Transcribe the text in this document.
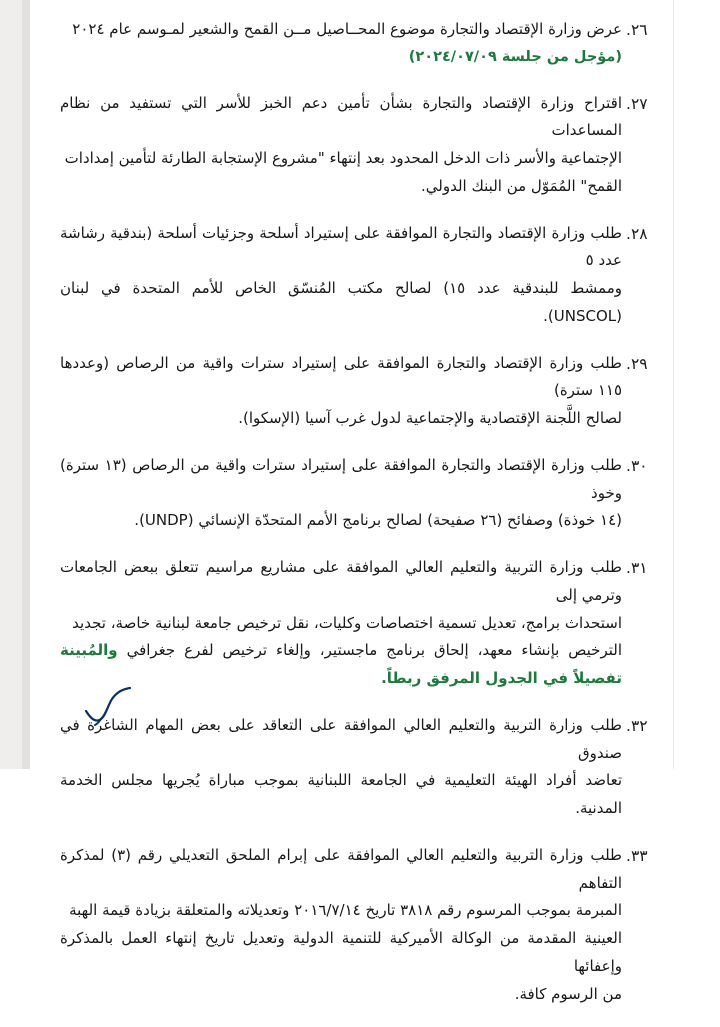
٢٦.
عرض وزارة الإقتصاد والتجارة موضوع المحــاصيل مــن القمح والشعير لمـوسم عام ٢٠٢٤
(مؤجل من جلسة ٢٠٢٤/٠٧/٠٩)
٢٧.
اقتراح وزارة الإقتصاد والتجارة بشأن تأمين دعم الخبز للأسر التي تستفيد من نظام المساعدات
الإجتماعية والأسر ذات الدخل المحدود بعد إنتهاء "مشروع الإستجابة الطارئة لتأمين إمدادات
القمح" المُمَوّل من البنك الدولي.
٢٨.
طلب وزارة الإقتصاد والتجارة الموافقة على إستيراد أسلحة وجزئيات أسلحة (بندقية رشاشة عدد ٥
وممشط للبندقية عدد ١٥) لصالح مكتب المُنسّق الخاص للأمم المتحدة في لبنان (UNSCOL).
٢٩.
طلب وزارة الإقتصاد والتجارة الموافقة على إستيراد سترات واقية من الرصاص (وعددها ١١٥ سترة)
لصالح اللَّجنة الإقتصادية والإجتماعية لدول غرب آسيا (الإسكوا).
٣٠.
طلب وزارة الإقتصاد والتجارة الموافقة على إستيراد سترات واقية من الرصاص (١٣ سترة) وخوذ
(١٤ خوذة) وصفائح (٢٦ صفيحة) لصالح برنامج الأمم المتحدّة الإنسائي (UNDP).
٣١.
طلب وزارة التربية والتعليم العالي الموافقة على مشاريع مراسيم تتعلق ببعض الجامعات وترمي إلى
استحداث برامج، تعديل تسمية اختصاصات وكليات، نقل ترخيص جامعة لبنانية خاصة، تجديد
الترخيص بإنشاء معهد، إلحاق برنامج ماجستير، وإلغاء ترخيص لفرع جغرافي والمُبينة تفصيلاً في الجدول المرفق ربطاً.
٣٢.
طلب وزارة التربية والتعليم العالي الموافقة على التعاقد على بعض المهام الشاغرة في صندوق
تعاضد أفراد الهيئة التعليمية في الجامعة اللبنانية بموجب مباراة يُجريها مجلس الخدمة المدنية.
٣٣.
طلب وزارة التربية والتعليم العالي الموافقة على إبرام الملحق التعديلي رقم (٣) لمذكرة التفاهم
المبرمة بموجب المرسوم رقم ٣٨١٨ تاريخ ٢٠١٦/٧/١٤ وتعديلاته والمتعلقة بزيادة قيمة الهبة
العينية المقدمة من الوكالة الأميركية للتنمية الدولية وتعديل تاريخ إنتهاء العمل بالمذكرة وإعفائها
من الرسوم كافة.
